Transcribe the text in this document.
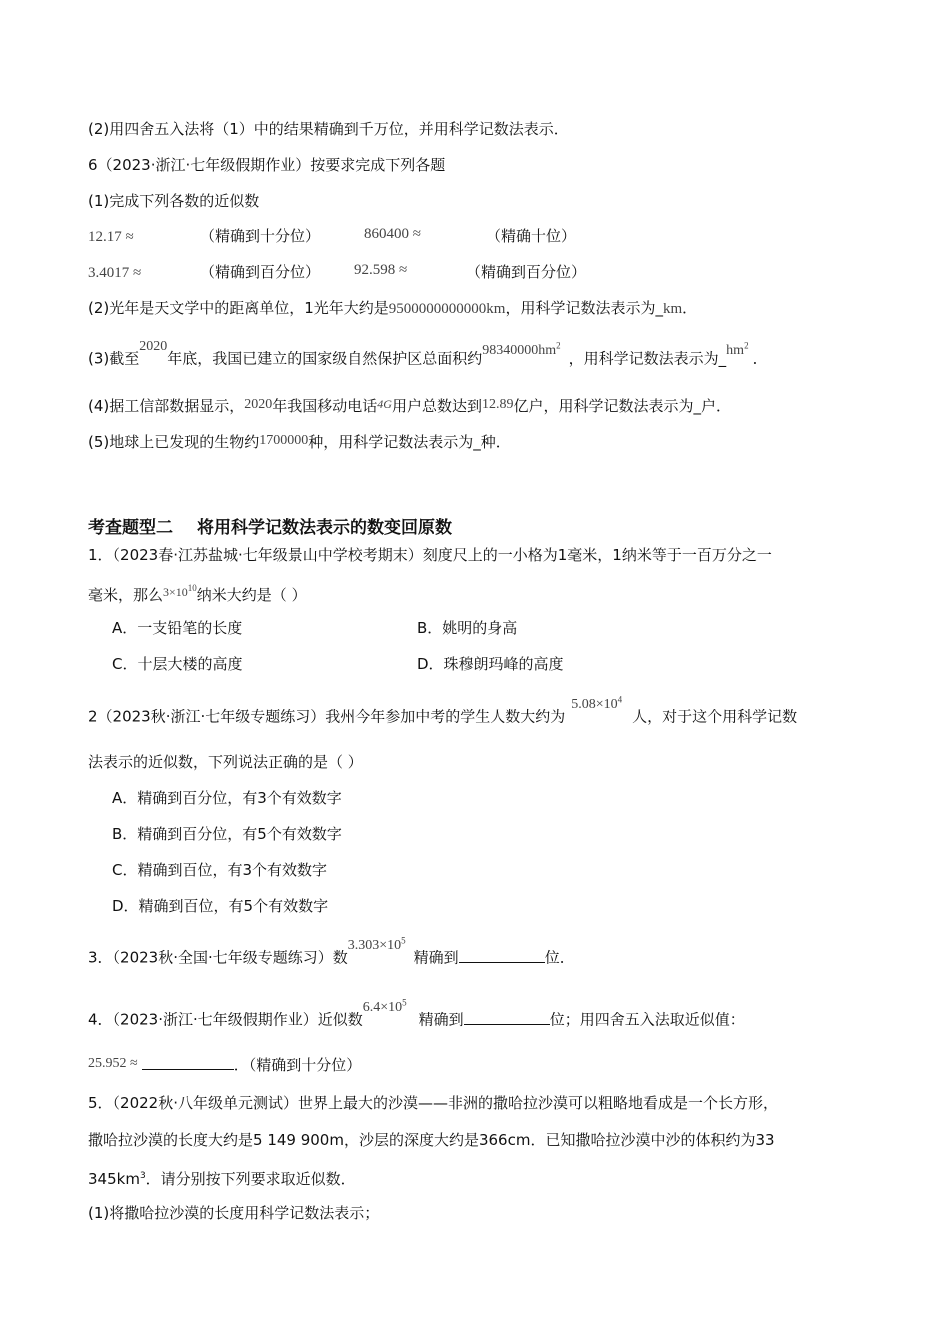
(2)用四舍五入法将（1）中的结果精确到千万位，并用科学记数法表示．
6（2023·浙江·七年级假期作业）按要求完成下列各题
(1)完成下列各数的近似数
12.17 ≈	（精确到十分位）	860400 ≈	（精确十位）
3.4017 ≈	（精确到百分位） 92.598 ≈	（精确到百分位）
(2)光年是天文学中的距离单位，1光年大约是9500000000000km，用科学记数法表示为_km．
(3)截至2020年底，我国已建立的国家级自然保护区总面积约$98340000hm^2$，用科学记数法表示为$\_hm^2$．
(4)据工信部数据显示，2020年我国移动电话$^{4G}$用户总数达到12.89亿户，用科学记数法表示为_户．
(5)地球上已发现的生物约1700000种，用科学记数法表示为_种．
考查题型二 将用科学记数法表示的数变回原数
1．（2023春·江苏盐城·七年级景山中学校考期末）刻度尺上的一小格为1毫米，1纳米等于一百万分之一
毫米，那么$^{3\times 10^{10}}$纳米大约是（ ）
A．一支铅笔的长度	B．姚明的身高
C．十层大楼的高度	D．珠穆朗玛峰的高度
2（2023秋·浙江·七年级专题练习）我州今年参加中考的学生人数大约为$5.08\times 10^4$人，对于这个用科学记数
法表示的近似数，下列说法正确的是（ ）
A．精确到百分位，有3个有效数字
B．精确到百分位，有5个有效数字
C．精确到百位，有3个有效数字
D．精确到百位，有5个有效数字
3．（2023秋·全国·七年级专题练习）数$3.303\times 10^5$精确到	位．
4．（2023·浙江·七年级假期作业）近似数$6.4\times 10^5$精确到	位；用四舍五入法取近似值：
25.952 ≈	．（精确到十分位）
5．（2022秋·八年级单元测试）世界上最大的沙漠——非洲的撒哈拉沙漠可以粗略地看成是一个长方形，
撒哈拉沙漠的长度大约是5 149 900m，沙层的深度大约是366cm．已知撒哈拉沙漠中沙的体积约为33
$345km^3$．请分别按下列要求取近似数．
(1)将撒哈拉沙漠的长度用科学记数法表示；
